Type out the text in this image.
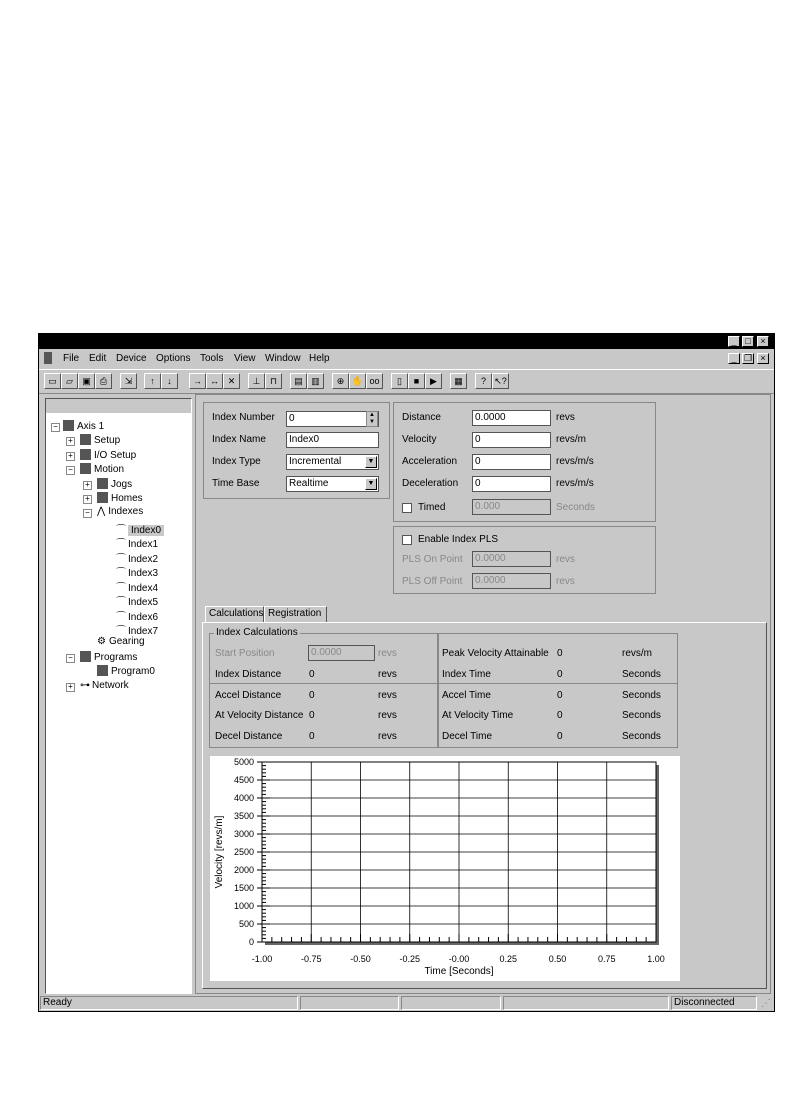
_ □	×
File Edit Device Options Tools View Window Help	_ ❐ ×
▭	▱	▣	⎙	⇲	↑	↓	→ ↔ ✕	⊥	⊓	▤ ▥	⊕ ✋ oo	▯	■	▶	▦	? ↖?
−	Axis 1
+	Setup
+	I/O Setup
−	Motion
+	Jogs
+	Homes
− ⋀ Indexes
⌒ Index0
⌒ Index1
⌒ Index2
⌒ Index3
⌒ Index4
⌒ Index5
⌒ Index6
⌒ Index7
⚙ Gearing
−	Programs
Program0
+ ⊶ Network
Index Number	0	▲
▼
Index Name	Index0
Index Type	Incremental	▼
Time Base	Realtime	▼
Distance	0.0000	revs
Velocity	0	revs/m
Acceleration	0	revs/m/s
Deceleration	0	revs/m/s
Timed	0.000	Seconds
Enable Index PLS
PLS On Point	0.0000	revs
PLS Off Point	0.0000	revs
Calculations Registration
Index Calculations
Start Position	0.0000	revs
Index Distance	0	revs
Accel Distance	0	revs
At Velocity Distance 0	revs
Decel Distance	0	revs
Peak Velocity Attainable 0	revs/m
Index Time	0	Seconds
Accel Time	0	Seconds
At Velocity Time	0	Seconds
Decel Time	0	Seconds
-1.00	-0.75	-0.50	-0.25	-0.00	0.25	0.50	0.75	1.00
0
500
1000
1500
2000
2500
3000
3500
4000
4500
5000
Time [Seconds]
Velocity [revs/m]
Ready	Disconnected	⋰
